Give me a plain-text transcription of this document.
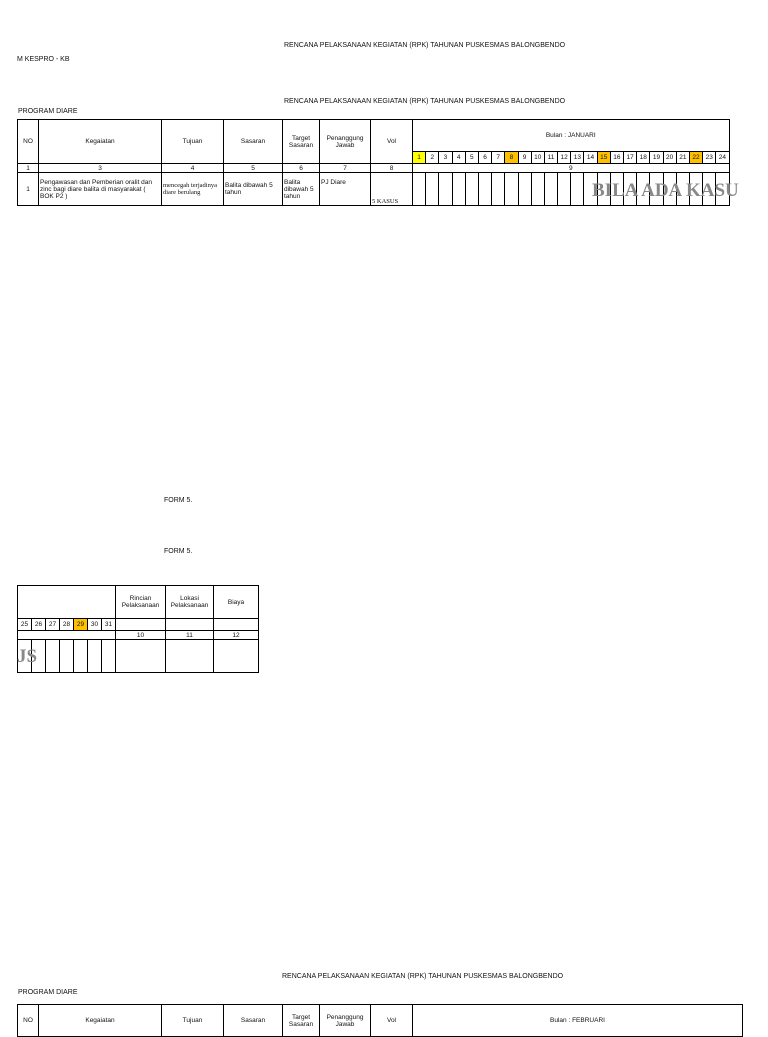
RENCANA PELAKSANAAN KEGIATAN (RPK) TAHUNAN PUSKESMAS BALONGBENDO
M KESPRO - KB
RENCANA PELAKSANAAN KEGIATAN (RPK) TAHUNAN PUSKESMAS BALONGBENDO
PROGRAM DIARE
NO	Kegaiatan	Tujuan	Sasaran	Target Sasaran	Penanggung Jawab	Vol	Bulan : JANUARI																							
							1	2	3	4	5	6	7	8	9	10	11	12	13	14	15	16	17	18	19	20	21	22	23	24
1	3	4	5	6	7	8	9																							
1	Pengawasan dan Pemberian oralit dan zinc bagi diare balita di masyarakat ( BOK P2 )	mencegah terjadinya diare berulang	Balita dibawah 5 tahun	Balita dibawah 5 tahun	PJ Diare	5 KASUS																								
BILA ADA KASU
FORM 5.
FORM 5.
							Rincian Pelaksanaan	Lokasi Pelaksanaan	Biaya
25	26	27	28	29	30	31			
							10	11	12

JS
RENCANA PELAKSANAAN KEGIATAN (RPK) TAHUNAN PUSKESMAS BALONGBENDO
PROGRAM DIARE
NO	Kegaiatan	Tujuan	Sasaran	Target Sasaran	Penanggung Jawab	Vol	Bulan : FEBRUARI
